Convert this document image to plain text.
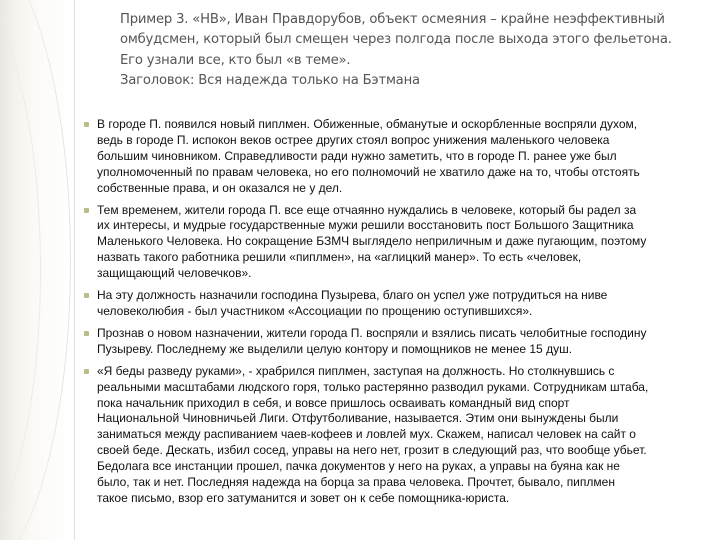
Пример 3. «НВ», Иван Правдорубов, объект осмеяния – крайне неэффективный
омбудсмен, который был смещен через полгода после выхода этого фельетона.
Его узнали все, кто был «в теме».
Заголовок: Вся надежда только на Бэтмана
В городе П. появился новый пиплмен. Обиженные, обманутые и оскорбленные воспряли духом,
ведь в городе П. испокон веков острее других стоял вопрос унижения маленького человека
большим чиновником. Справедливости ради нужно заметить, что в городе П. ранее уже был
уполномоченный по правам человека, но его полномочий не хватило даже на то, чтобы отстоять
собственные права, и он оказался не у дел.
Тем временем, жители города П. все еще отчаянно нуждались в человеке, который бы радел за
их интересы, и мудрые государственные мужи решили восстановить пост Большого Защитника
Маленького Человека. Но сокращение БЗМЧ выглядело неприличным и даже пугающим, поэтому
назвать такого работника решили «пиплмен», на «аглицкий манер». То есть «человек,
защищающий человечков».
На эту должность назначили господина Пузырева, благо он успел уже потрудиться на ниве
человеколюбия - был участником «Ассоциации по прощению оступившихся».
Прознав о новом назначении, жители города П. воспряли и взялись писать челобитные господину
Пузыреву. Последнему же выделили целую контору и помощников не менее 15 душ.
«Я беды разведу руками», - храбрился пиплмен, заступая на должность. Но столкнувшись с
реальными масштабами людского горя, только растерянно разводил руками. Сотрудникам штаба,
пока начальник приходил в себя, и вовсе пришлось осваивать командный вид спорт
Национальной Чиновничьей Лиги. Отфутболивание, называется. Этим они вынуждены были
заниматься между распиванием чаев-кофеев и ловлей мух. Скажем, написал человек на сайт о
своей беде. Дескать, избил сосед, управы на него нет, грозит в следующий раз, что вообще убьет.
Бедолага все инстанции прошел, пачка документов у него на руках, а управы на буяна как не
было, так и нет. Последняя надежда на борца за права человека. Прочтет, бывало, пиплмен
такое письмо, взор его затуманится и зовет он к себе помощника-юриста.
